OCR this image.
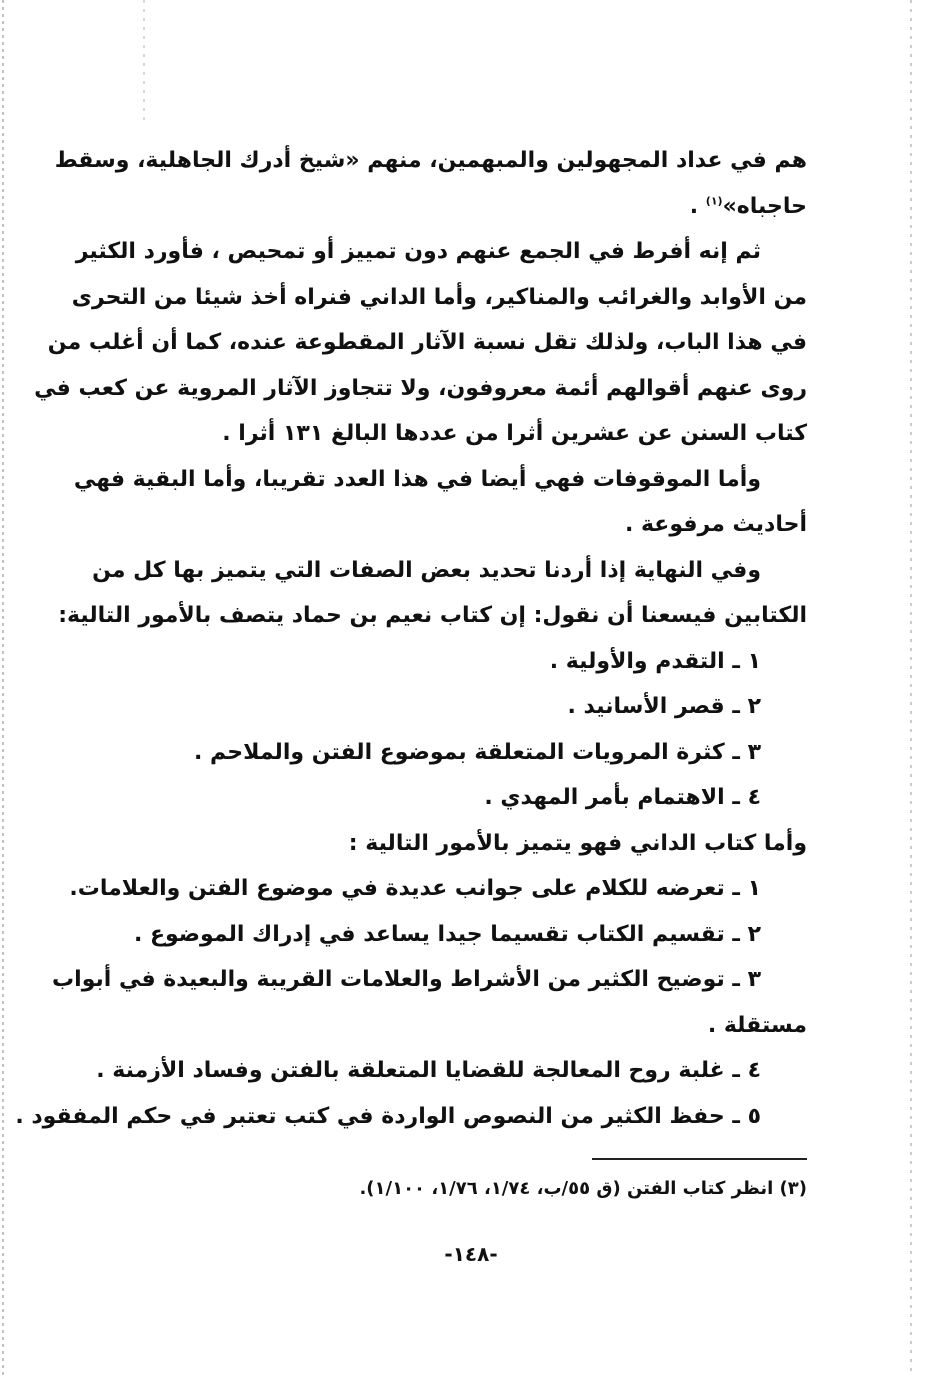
هم في عداد المجهولين والمبهمين، منهم «شيخ أدرك الجاهلية، وسقط
حاجباه»$^{(١)}$ .
ثم إنه أفرط في الجمع عنهم دون تمييز أو تمحيص ، فأورد الكثير
من الأوابد والغرائب والمناكير، وأما الداني فنراه أخذ شيئا من التحرى
في هذا الباب، ولذلك تقل نسبة الآثار المقطوعة عنده، كما أن أغلب من
روى عنهم أقوالهم أئمة معروفون، ولا تتجاوز الآثار المروية عن كعب في
كتاب السنن عن عشرين أثرا من عددها البالغ ١٣١ أثرا .
وأما الموقوفات فهي أيضا في هذا العدد تقريبا، وأما البقية فهي
أحاديث مرفوعة .
وفي النهاية إذا أردنا تحديد بعض الصفات التي يتميز بها كل من
الكتابين فيسعنا أن نقول: إن كتاب نعيم بن حماد يتصف بالأمور التالية:
١ ـ التقدم والأولية .
٢ ـ قصر الأسانيد .
٣ ـ كثرة المرويات المتعلقة بموضوع الفتن والملاحم .
٤ ـ الاهتمام بأمر المهدي .
وأما كتاب الداني فهو يتميز بالأمور التالية :
١ ـ تعرضه للكلام على جوانب عديدة في موضوع الفتن والعلامات.
٢ ـ تقسيم الكتاب تقسيما جيدا يساعد في إدراك الموضوع .
٣ ـ توضيح الكثير من الأشراط والعلامات القريبة والبعيدة في أبواب
مستقلة .
٤ ـ غلبة روح المعالجة للقضايا المتعلقة بالفتن وفساد الأزمنة .
٥ ـ حفظ الكثير من النصوص الواردة في كتب تعتبر في حكم المفقود .
(٣) انظر كتاب الفتن (ق ٥٥/ب، ١/٧٤، ١/٧٦، ١/١٠٠).
-١٤٨-
